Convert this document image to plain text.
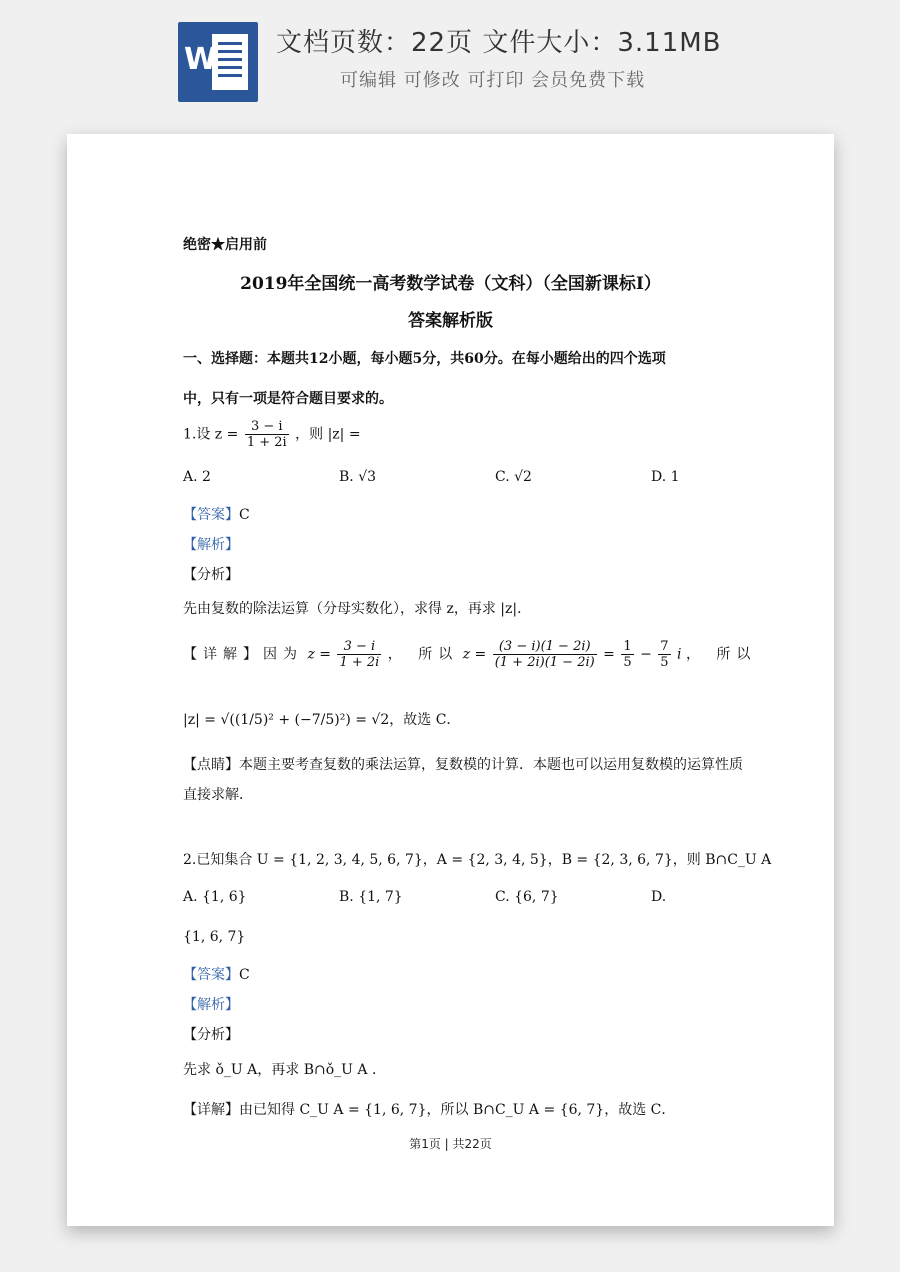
W 文档页数：22页 文件大小：3.11MB
可编辑 可修改 可打印 会员免费下载
绝密★启用前
2019年全国统一高考数学试卷（文科）（全国新课标Ⅰ）
答案解析版
一、选择题：本题共12小题，每小题5分，共60分。在每小题给出的四个选项
中，只有一项是符合题目要求的。
1.设 $z = \frac{3 - i}{1 + 2i}$ ，则 |z| =
A. 2	B. √3	C. √2	D. 1
【答案】C
【解析】
【分析】
先由复数的除法运算（分母实数化），求得 z，再求 |z|．
【详解】因为 $z = \frac{3 - i}{1 + 2i}$ ， 所以 $z = \frac{(3 - i)(1 - 2i)}{(1 + 2i)(1 - 2i)} = \frac{1}{5} - \frac{7}{5}$ i ， 所以
|z| = √((1/5)² + (−7/5)²) = √2，故选 C．
【点睛】本题主要考查复数的乘法运算，复数模的计算．本题也可以运用复数模的运算性质
直接求解．
2.已知集合 U = {1, 2, 3, 4, 5, 6, 7}，A = {2, 3, 4, 5}，B = {2, 3, 6, 7}，则 B∩C_U A
A. {1, 6}	B. {1, 7}	C. {6, 7}	D.
{1, 6, 7}
【答案】C
【解析】
【分析】
先求 ǒ_U A，再求 B∩ǒ_U A ．
【详解】由已知得 C_U A = {1, 6, 7}，所以 B∩C_U A = {6, 7}，故选 C．
第1页 | 共22页
